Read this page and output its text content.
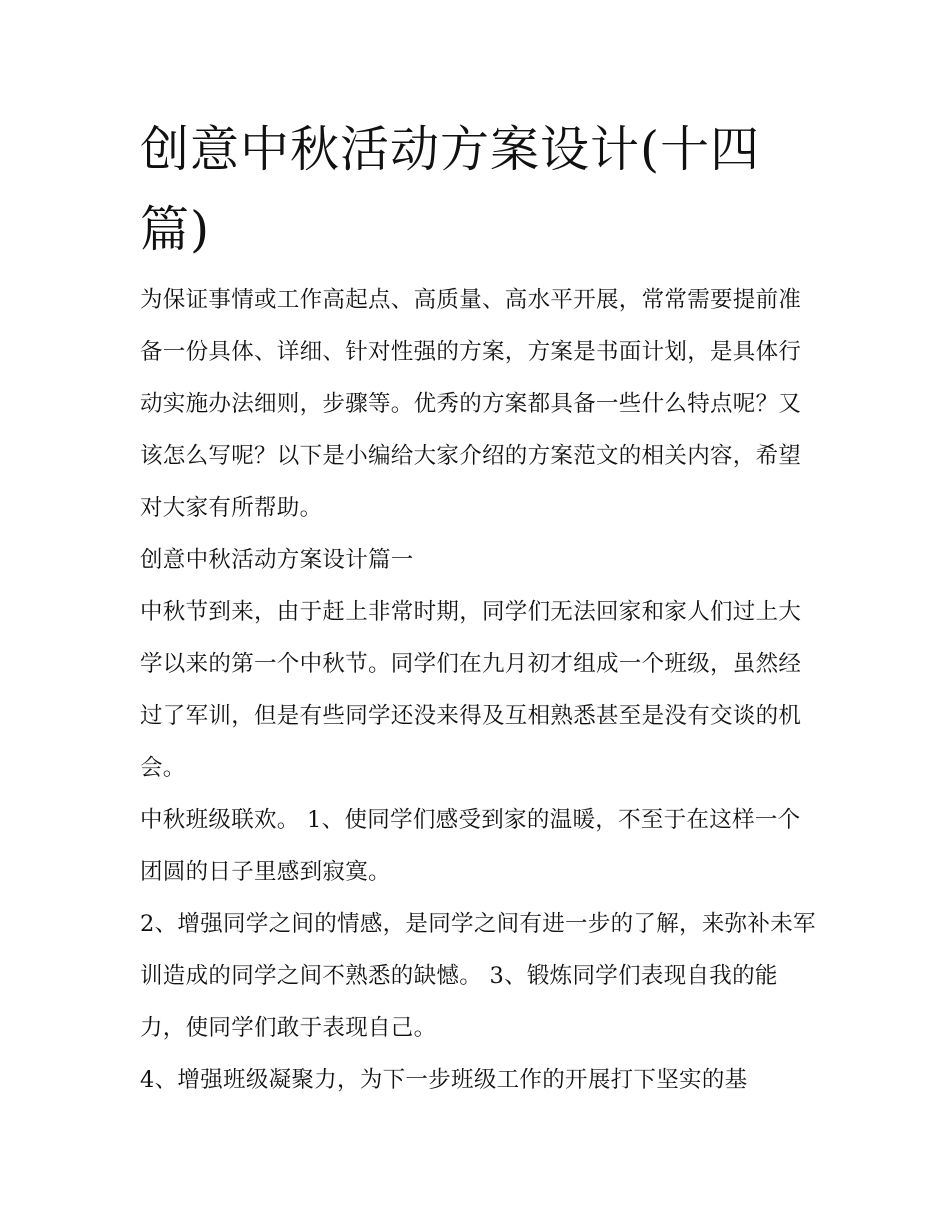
创意中秋活动方案设计(十四篇)

为保证事情或工作高起点、高质量、高水平开展，常常需要提前准备一份具体、详细、针对性强的方案，方案是书面计划，是具体行动实施办法细则，步骤等。优秀的方案都具备一些什么特点呢？又该怎么写呢？以下是小编给大家介绍的方案范文的相关内容，希望对大家有所帮助。

创意中秋活动方案设计篇一

中秋节到来，由于赶上非常时期，同学们无法回家和家人们过上大学以来的第一个中秋节。同学们在九月初才组成一个班级，虽然经过了军训，但是有些同学还没来得及互相熟悉甚至是没有交谈的机会。

中秋班级联欢。 1、使同学们感受到家的温暖，不至于在这样一个团圆的日子里感到寂寞。

2、增强同学之间的情感，是同学之间有进一步的了解，来弥补未军训造成的同学之间不熟悉的缺憾。 3、锻炼同学们表现自我的能力，使同学们敢于表现自己。

4、增强班级凝聚力，为下一步班级工作的开展打下坚实的基
